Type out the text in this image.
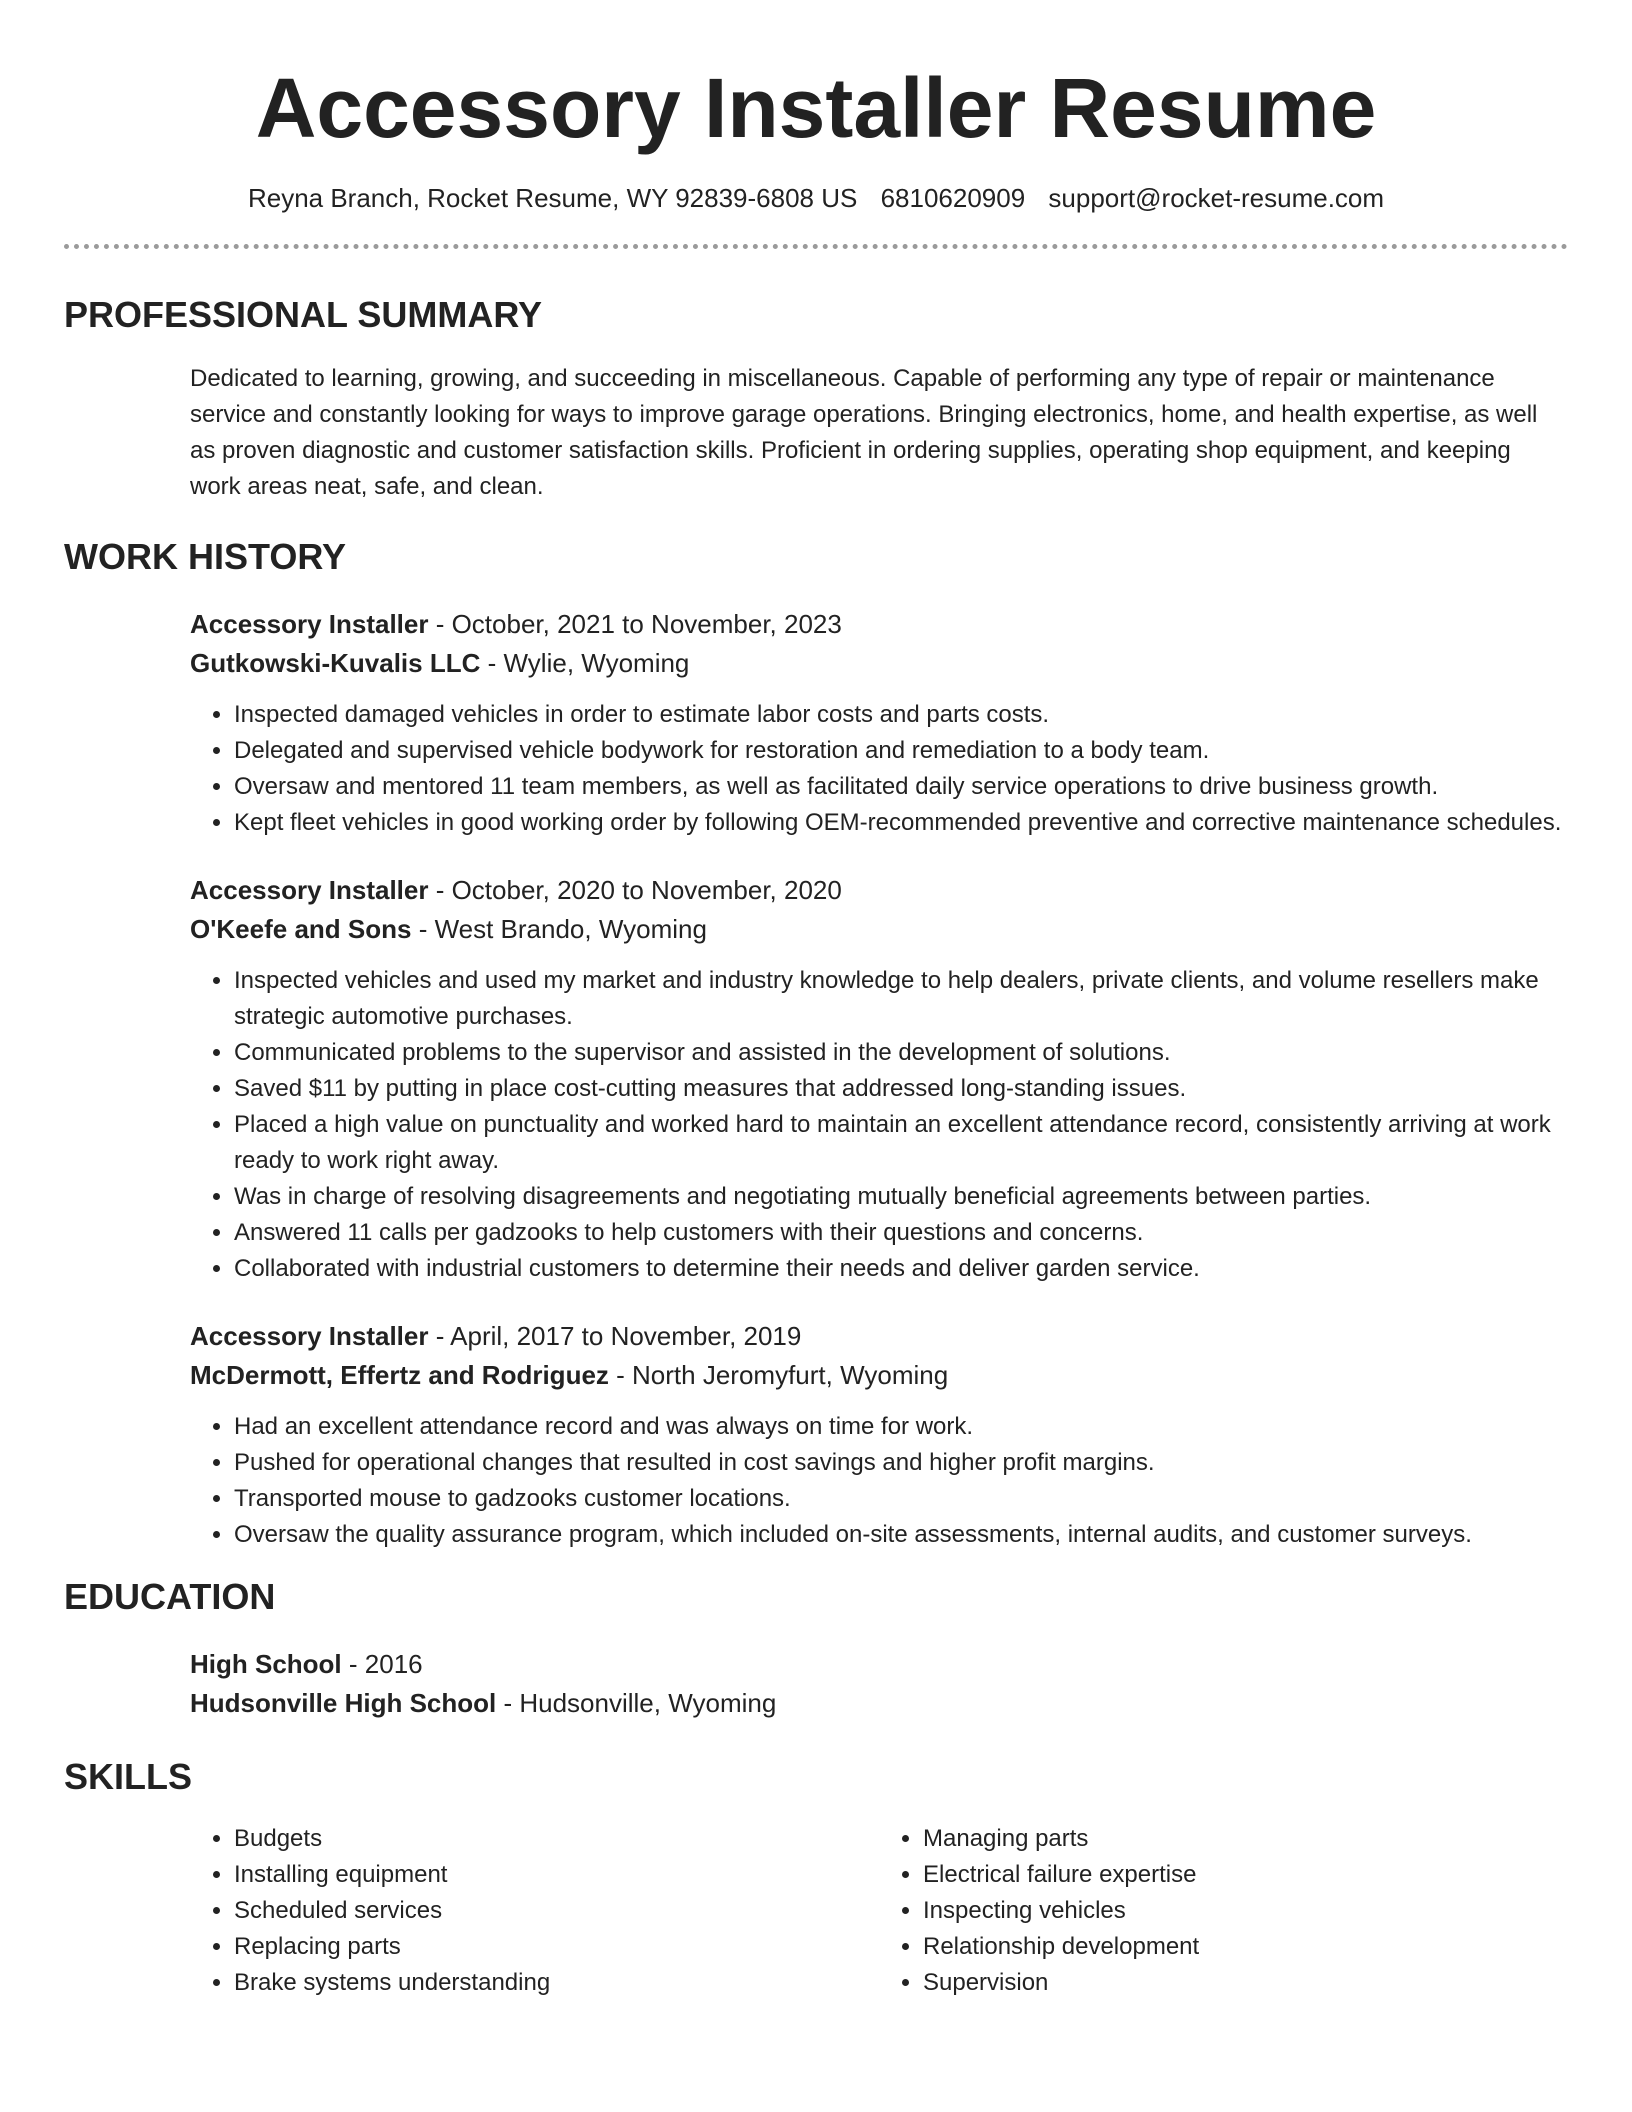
Accessory Installer Resume
Reyna Branch, Rocket Resume, WY 92839-6808 US 6810620909 support@rocket-resume.com
PROFESSIONAL SUMMARY

Dedicated to learning, growing, and succeeding in miscellaneous. Capable of performing any type of repair or maintenance service and constantly looking for ways to improve garage operations. Bringing electronics, home, and health expertise, as well as proven diagnostic and customer satisfaction skills. Proficient in ordering supplies, operating shop equipment, and keeping work areas neat, safe, and clean.

WORK HISTORY
Accessory Installer - October, 2021 to November, 2023
Gutkowski-Kuvalis LLC - Wylie, Wyoming
• Inspected damaged vehicles in order to estimate labor costs and parts costs.
• Delegated and supervised vehicle bodywork for restoration and remediation to a body team.
• Oversaw and mentored 11 team members, as well as facilitated daily service operations to drive business growth.
• Kept fleet vehicles in good working order by following OEM-recommended preventive and corrective maintenance schedules.
Accessory Installer - October, 2020 to November, 2020
O'Keefe and Sons - West Brando, Wyoming
• Inspected vehicles and used my market and industry knowledge to help dealers, private clients, and volume resellers make strategic automotive purchases.
• Communicated problems to the supervisor and assisted in the development of solutions.
• Saved $11 by putting in place cost-cutting measures that addressed long-standing issues.
• Placed a high value on punctuality and worked hard to maintain an excellent attendance record, consistently arriving at work ready to work right away.
• Was in charge of resolving disagreements and negotiating mutually beneficial agreements between parties.
• Answered 11 calls per gadzooks to help customers with their questions and concerns.
• Collaborated with industrial customers to determine their needs and deliver garden service.
Accessory Installer - April, 2017 to November, 2019
McDermott, Effertz and Rodriguez - North Jeromyfurt, Wyoming
• Had an excellent attendance record and was always on time for work.
• Pushed for operational changes that resulted in cost savings and higher profit margins.
• Transported mouse to gadzooks customer locations.
• Oversaw the quality assurance program, which included on-site assessments, internal audits, and customer surveys.
EDUCATION
High School - 2016
Hudsonville High School - Hudsonville, Wyoming
SKILLS
• Budgets
• Installing equipment
• Scheduled services
• Replacing parts
• Brake systems understanding
• Managing parts
• Electrical failure expertise
• Inspecting vehicles
• Relationship development
• Supervision
